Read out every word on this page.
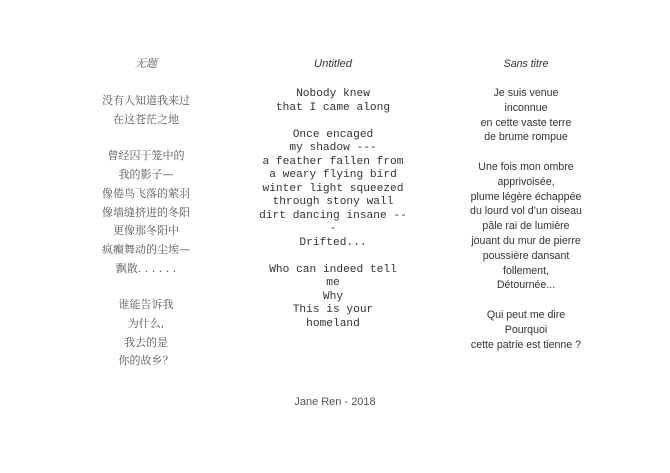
无题

没有人知道我来过
在这苍茫之地

曾经囚于笼中的
我的影子—
像倦鸟飞落的萦羽
像墙缝挤进的冬阳
更像那冬阳中
疯癫舞动的尘埃—
飘散. . . . . .

谁能告诉我
为什么,
我去的是
你的故乡？

Untitled

Nobody knew
that I came along

Once encaged
my shadow ---
a feather fallen from
a weary flying bird
winter light squeezed
through stony wall
dirt dancing insane --
-
Drifted...

Who can indeed tell
me
Why
This is your
homeland

Sans titre

Je suis venue
inconnue
en cette vaste terre
de brume rompue

Une fois mon ombre
apprivoisée,
plume légère échappée
du lourd vol d’un oiseau
pâle rai de lumière
jouant du mur de pierre
poussière dansant
follement,
Détournée...

Qui peut me dire
Pourquoi
cette patrie est tienne ?

Jane Ren - 2018
